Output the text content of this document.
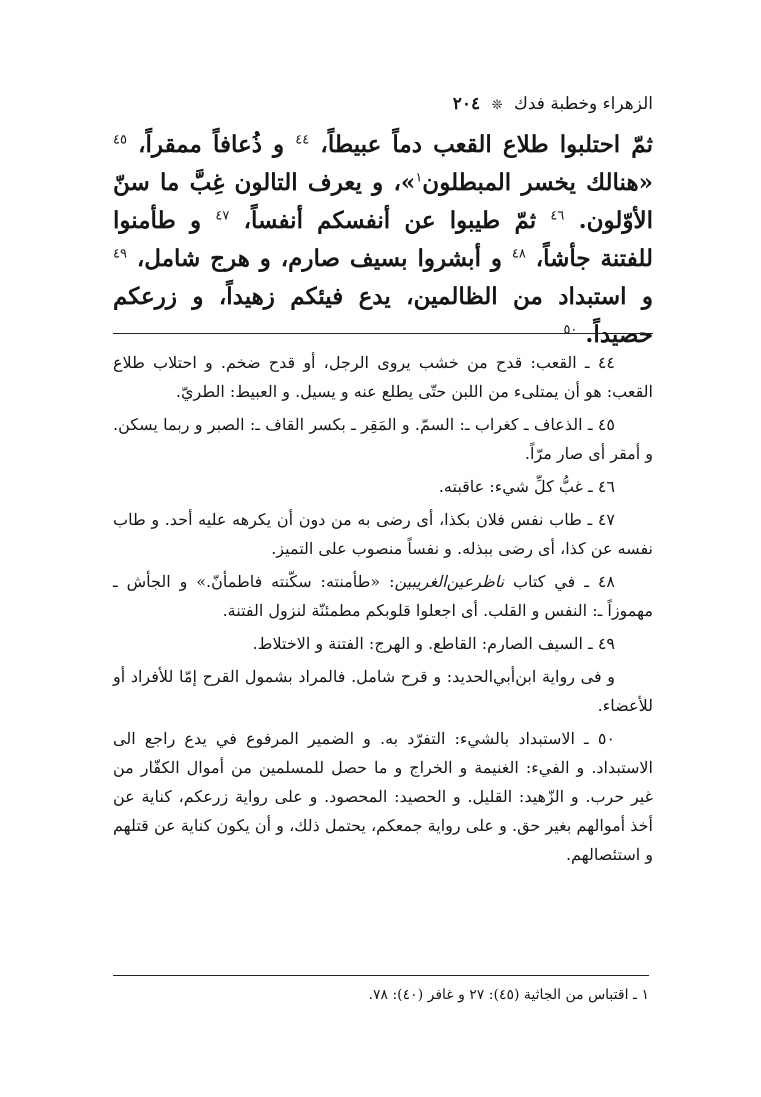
الزهراء وخطبة فدك ❊ ٢٠٤

ثمّ احتلبوا طلاع القعب دماً عبيطاً، $^{٤٤}$ و ذُعافاً ممقراً، $^{٤٥}$ «هنالك يخسر المبطلون$^١$»، و يعرف التالون غِبَّ ما سنّ الأوّلون. $^{٤٦}$ ثمّ طيبوا عن أنفسكم أنفساً، $^{٤٧}$ و طأمنوا للفتنة جأشاً، $^{٤٨}$ و أبشروا بسيف صارم، و هرج شامل، $^{٤٩}$ و استبداد من الظالمين، يدع فيئكم زهيداً، و زرعكم حصيداً. $^{٥٠}$

٤٤ ـ القعب: قدح من خشب يروى الرجل، أو قدح ضخم. و احتلاب طلاع القعب: هو أن يمتلىء من اللبن حتّى يطلع عنه و يسيل. و العبيط: الطريّ.

٤٥ ـ الذعاف ـ كغراب ـ: السمّ. و المَقِر ـ بكسر القاف ـ: الصبر و ربما يسكن. و أمقر أى صار مرّاً.

٤٦ ـ غبُّ كلِّ شيء: عاقبته.

٤٧ ـ طاب نفس فلان بكذا، أى رضى به من دون أن يكرهه عليه أحد. و طاب نفسه عن كذا، أى رضى ببذله. و نفساً منصوب على التميز.

٤٨ ـ في كتاب ناظرعين‌الغريبين: «طأمنته: سكّنته فاطمأنّ.» و الجأش ـ مهموزاً ـ: النفس و القلب. أى اجعلوا قلوبكم مطمئنّة لنزول الفتنة.

٤٩ ـ السيف الصارم: القاطع. و الهرج: الفتنة و الاختلاط.

و فى رواية ابن‌أبي‌الحديد: و قرح شامل. فالمراد بشمول القرح إمّا للأفراد أو للأعضاء.

٥٠ ـ الاستبداد بالشيء: التفرّد به. و الضمير المرفوع في يدع راجع الى الاستبداد. و الفيء: الغنيمة و الخراج و ما حصل للمسلمين من أموال الكفّار من غير حرب. و الزّهيد: القليل. و الحصيد: المحصود. و على رواية زرعكم، كناية عن أخذ أموالهم بغير حق. و على رواية جمعكم، يحتمل ذلك، و أن يكون كناية عن قتلهم و استئصالهم.

١ ـ اقتباس من الجاثية (٤٥): ٢٧ و غافر (٤٠): ٧٨.
